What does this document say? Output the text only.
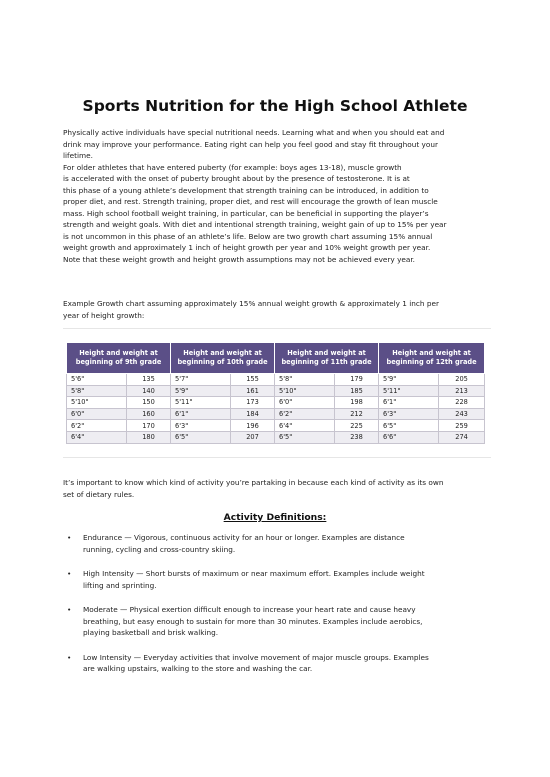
Sports Nutrition for the High School Athlete
Physically active individuals have special nutritional needs. Learning what and when you should eat and
drink may improve your performance. Eating right can help you feel good and stay fit throughout your
lifetime.
For older athletes that have entered puberty (for example: boys ages 13-18), muscle growth
is accelerated with the onset of puberty brought about by the presence of testosterone. It is at
this phase of a young athlete’s development that strength training can be introduced, in addition to
proper diet, and rest. Strength training, proper diet, and rest will encourage the growth of lean muscle
mass. High school football weight training, in particular, can be beneficial in supporting the player’s
strength and weight goals. With diet and intentional strength training, weight gain of up to 15% per year
is not uncommon in this phase of an athlete’s life. Below are two growth chart assuming 15% annual
weight growth and approximately 1 inch of height growth per year and 10% weight growth per year.
Note that these weight growth and height growth assumptions may not be achieved every year.
Example Growth chart assuming approximately 15% annual weight growth & approximately 1 inch per
year of height growth:
Height and weight at beginning of 9th grade		Height and weight at beginning of 10th grade		Height and weight at beginning of 11th grade		Height and weight at beginning of 12th grade	
5'6"	135	5'7"	155	5'8"	179	5'9"	205
5'8"	140	5'9"	161	5'10"	185	5'11"	213
5'10"	150	5'11"	173	6'0"	198	6'1"	228
6'0"	160	6'1"	184	6'2"	212	6'3"	243
6'2"	170	6'3"	196	6'4"	225	6'5"	259
6'4"	180	6'5"	207	6'5"	238	6'6"	274
It’s important to know which kind of activity you’re partaking in because each kind of activity as its own
set of dietary rules.
Activity Definitions:
• Endurance — Vigorous, continuous activity for an hour or longer. Examples are distance
running, cycling and cross-country skiing.
• High Intensity — Short bursts of maximum or near maximum effort. Examples include weight
lifting and sprinting.
• Moderate — Physical exertion difficult enough to increase your heart rate and cause heavy
breathing, but easy enough to sustain for more than 30 minutes. Examples include aerobics,
playing basketball and brisk walking.
• Low Intensity — Everyday activities that involve movement of major muscle groups. Examples
are walking upstairs, walking to the store and washing the car.
